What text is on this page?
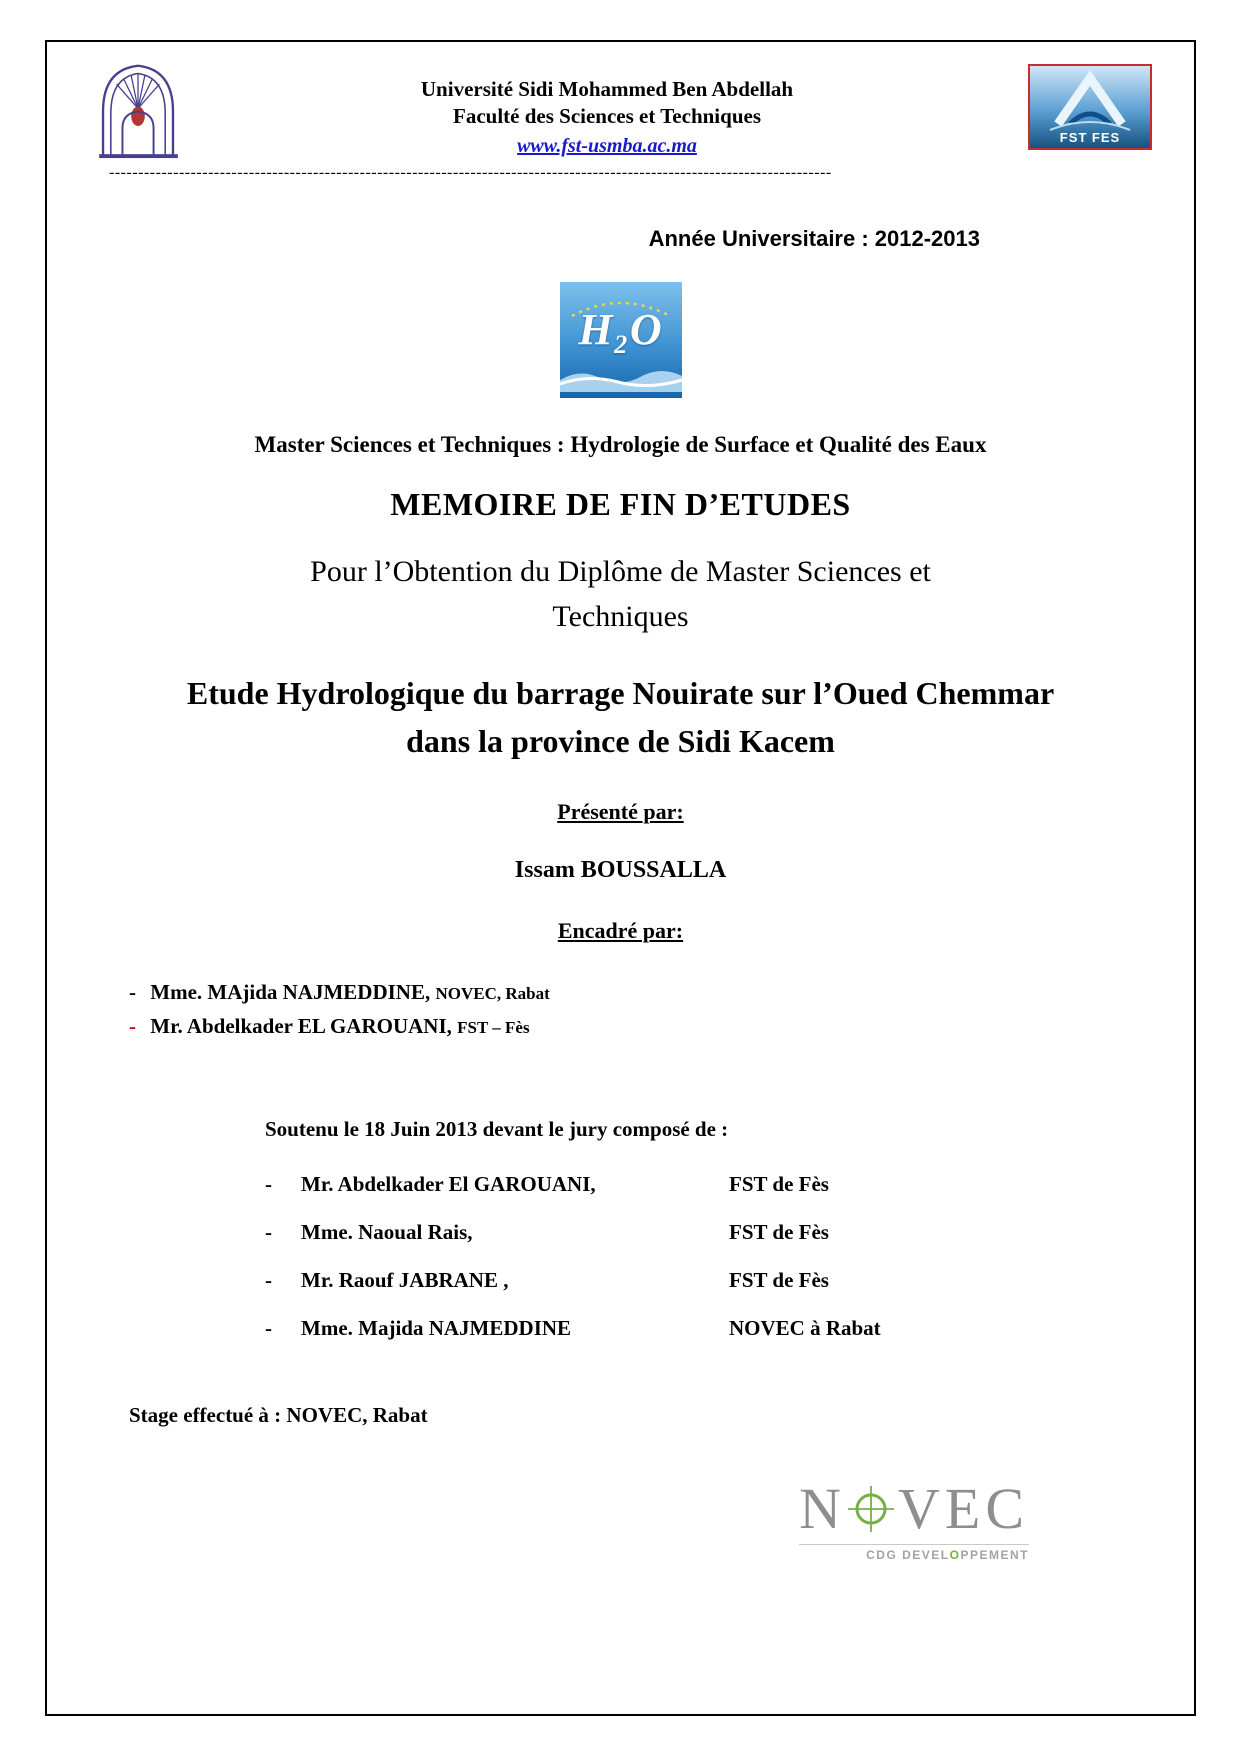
Université Sidi Mohammed Ben Abdellah
Faculté des Sciences et Techniques
www.fst-usmba.ac.ma	FST FES
----------------------------------------------------------------------------------------------------------------------------
Année Universitaire : 2012-2013
H₂O
Master Sciences et Techniques : Hydrologie de Surface et Qualité des Eaux
MEMOIRE DE FIN D’ETUDES
Pour l’Obtention du Diplôme de Master Sciences et Techniques
Etude Hydrologique du barrage Nouirate sur l’Oued Chemmar dans la province de Sidi Kacem
Présenté par:
Issam BOUSSALLA
Encadré par:
- Mme. MAjida NAJMEDDINE, NOVEC, Rabat
- Mr. Abdelkader EL GAROUANI, FST – Fès
Soutenu le 18 Juin 2013 devant le jury composé de :
-	Mr. Abdelkader El GAROUANI,	FST de Fès
-	Mme. Naoual Rais,	FST de Fès
-	Mr. Raouf JABRANE ,	FST de Fès
-	Mme. Majida NAJMEDDINE	NOVEC à Rabat
Stage effectué à : NOVEC, Rabat
N VEC
CDG DEVELOPPEMENT
